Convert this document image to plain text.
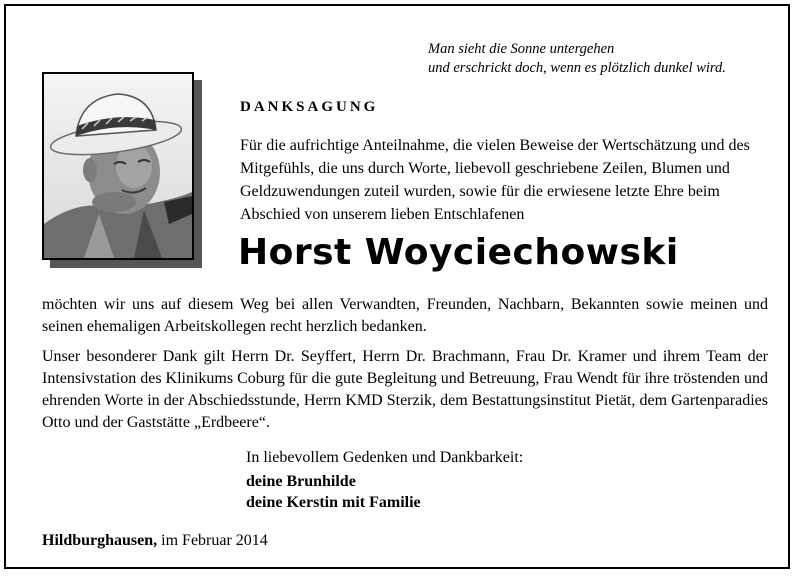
Man sieht die Sonne untergehen
und erschrickt doch, wenn es plötzlich dunkel wird.
DANKSAGUNG
Für die aufrichtige Anteilnahme, die vielen Beweise der Wertschätzung und des Mitgefühls, die uns durch Worte, liebevoll geschriebene Zeilen, Blumen und Geldzuwendungen zuteil wurden, sowie für die erwiesene letzte Ehre beim Abschied von unserem lieben Entschlafenen
Horst Woyciechowski
möchten wir uns auf diesem Weg bei allen Verwandten, Freunden, Nachbarn, Bekannten sowie meinen und seinen ehemaligen Arbeitskollegen recht herzlich bedanken.
Unser besonderer Dank gilt Herrn Dr. Seyffert, Herrn Dr. Brachmann, Frau Dr. Kramer und ihrem Team der Intensivstation des Klinikums Coburg für die gute Begleitung und Betreuung, Frau Wendt für ihre tröstenden und ehrenden Worte in der Abschiedsstunde, Herrn KMD Sterzik, dem Bestattungsinstitut Pietät, dem Gartenparadies Otto und der Gaststätte „Erdbeere“.
In liebevollem Gedenken und Dankbarkeit:
deine Brunhilde
deine Kerstin mit Familie
Hildburghausen, im Februar 2014
